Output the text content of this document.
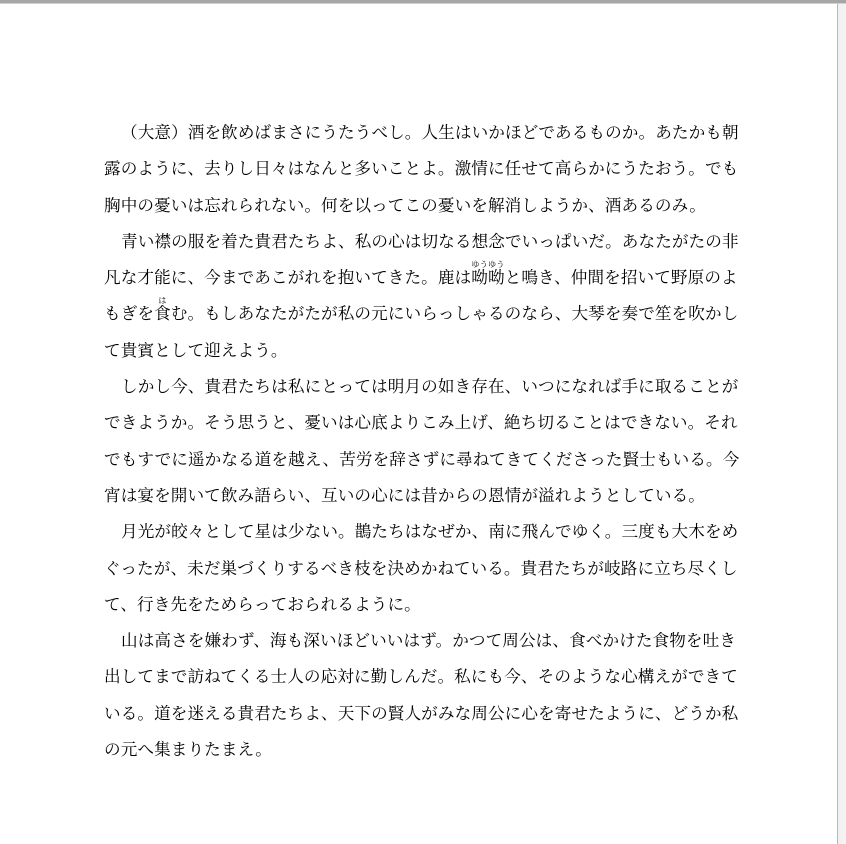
（大意）酒を飲めばまさにうたうべし。人生はいかほどであるものか。あたかも朝露のように、去りし日々はなんと多いことよ。激情に任せて高らかにうたおう。でも胸中の憂いは忘れられない。何を以ってこの憂いを解消しようか、酒あるのみ。

青い襟の服を着た貴君たちよ、私の心は切なる想念でいっぱいだ。あなたがたの非凡な才能に、今まであこがれを抱いてきた。鹿は呦呦ゆうゆうと鳴き、仲間を招いて野原のよもぎを食はむ。もしあなたがたが私の元にいらっしゃるのなら、大琴を奏で笙を吹かして貴賓として迎えよう。

しかし今、貴君たちは私にとっては明月の如き存在、いつになれば手に取ることができようか。そう思うと、憂いは心底よりこみ上げ、絶ち切ることはできない。それでもすでに遥かなる道を越え、苦労を辞さずに尋ねてきてくださった賢士もいる。今宵は宴を開いて飲み語らい、互いの心には昔からの恩情が溢れようとしている。

月光が皎々として星は少ない。鵲たちはなぜか、南に飛んでゆく。三度も大木をめぐったが、未だ巣づくりするべき枝を決めかねている。貴君たちが岐路に立ち尽くして、行き先をためらっておられるように。

山は高さを嫌わず、海も深いほどいいはず。かつて周公は、食べかけた食物を吐き出してまで訪ねてくる士人の応対に勤しんだ。私にも今、そのような心構えができている。道を迷える貴君たちよ、天下の賢人がみな周公に心を寄せたように、どうか私の元へ集まりたまえ。
